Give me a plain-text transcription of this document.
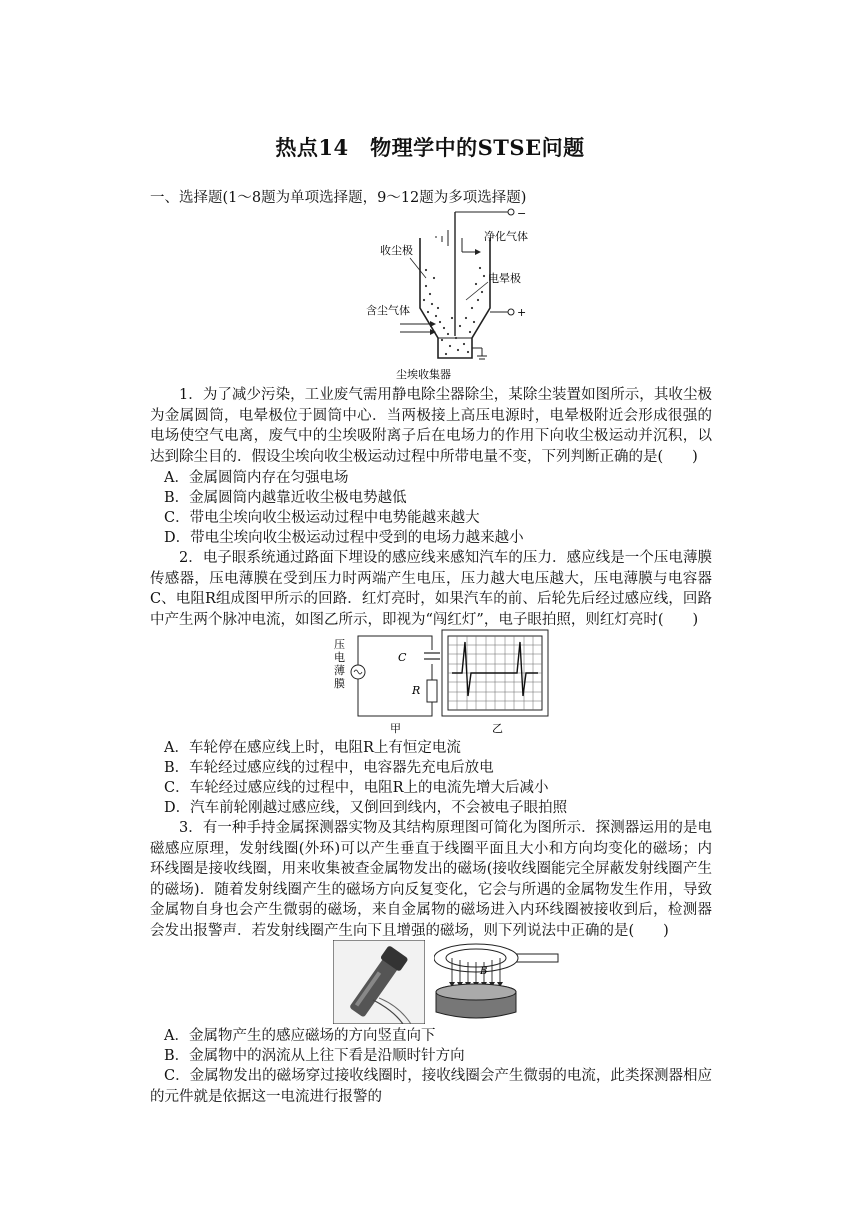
热点14　物理学中的STSE问题
一、选择题(1～8题为单项选择题，9～12题为多项选择题)
收尘极
净化气体
电晕极
含尘气体
尘埃收集器
−
+
1．为了减少污染，工业废气需用静电除尘器除尘，某除尘装置如图所示，其收尘极为金属圆筒，电晕极位于圆筒中心．当两极接上高压电源时，电晕极附近会形成很强的电场使空气电离，废气中的尘埃吸附离子后在电场力的作用下向收尘极运动并沉积，以达到除尘目的．假设尘埃向收尘极运动过程中所带电量不变，下列判断正确的是(　　)
A．金属圆筒内存在匀强电场
B．金属圆筒内越靠近收尘极电势越低
C．带电尘埃向收尘极运动过程中电势能越来越大
D．带电尘埃向收尘极运动过程中受到的电场力越来越小
2．电子眼系统通过路面下埋设的感应线来感知汽车的压力．感应线是一个压电薄膜传感器，压电薄膜在受到压力时两端产生电压，压力越大电压越大，压电薄膜与电容器C、电阻R组成图甲所示的回路．红灯亮时，如果汽车的前、后轮先后经过感应线，回路中产生两个脉冲电流，如图乙所示，即视为“闯红灯”，电子眼拍照，则红灯亮时(　　)
压电薄膜
C
R
甲	乙
A．车轮停在感应线上时，电阻R上有恒定电流
B．车轮经过感应线的过程中，电容器先充电后放电
C．车轮经过感应线的过程中，电阻R上的电流先增大后减小
D．汽车前轮刚越过感应线，又倒回到线内，不会被电子眼拍照
3．有一种手持金属探测器实物及其结构原理图可简化为图所示．探测器运用的是电磁感应原理，发射线圈(外环)可以产生垂直于线圈平面且大小和方向均变化的磁场；内环线圈是接收线圈，用来收集被查金属物发出的磁场(接收线圈能完全屏蔽发射线圈产生的磁场)．随着发射线圈产生的磁场方向反复变化，它会与所遇的金属物发生作用，导致金属物自身也会产生微弱的磁场，来自金属物的磁场进入内环线圈被接收到后，检测器会发出报警声．若发射线圈产生向下且增强的磁场，则下列说法中正确的是(　　)
B
A．金属物产生的感应磁场的方向竖直向下
B．金属物中的涡流从上往下看是沿顺时针方向
C．金属物发出的磁场穿过接收线圈时，接收线圈会产生微弱的电流，此类探测器相应的元件就是依据这一电流进行报警的
